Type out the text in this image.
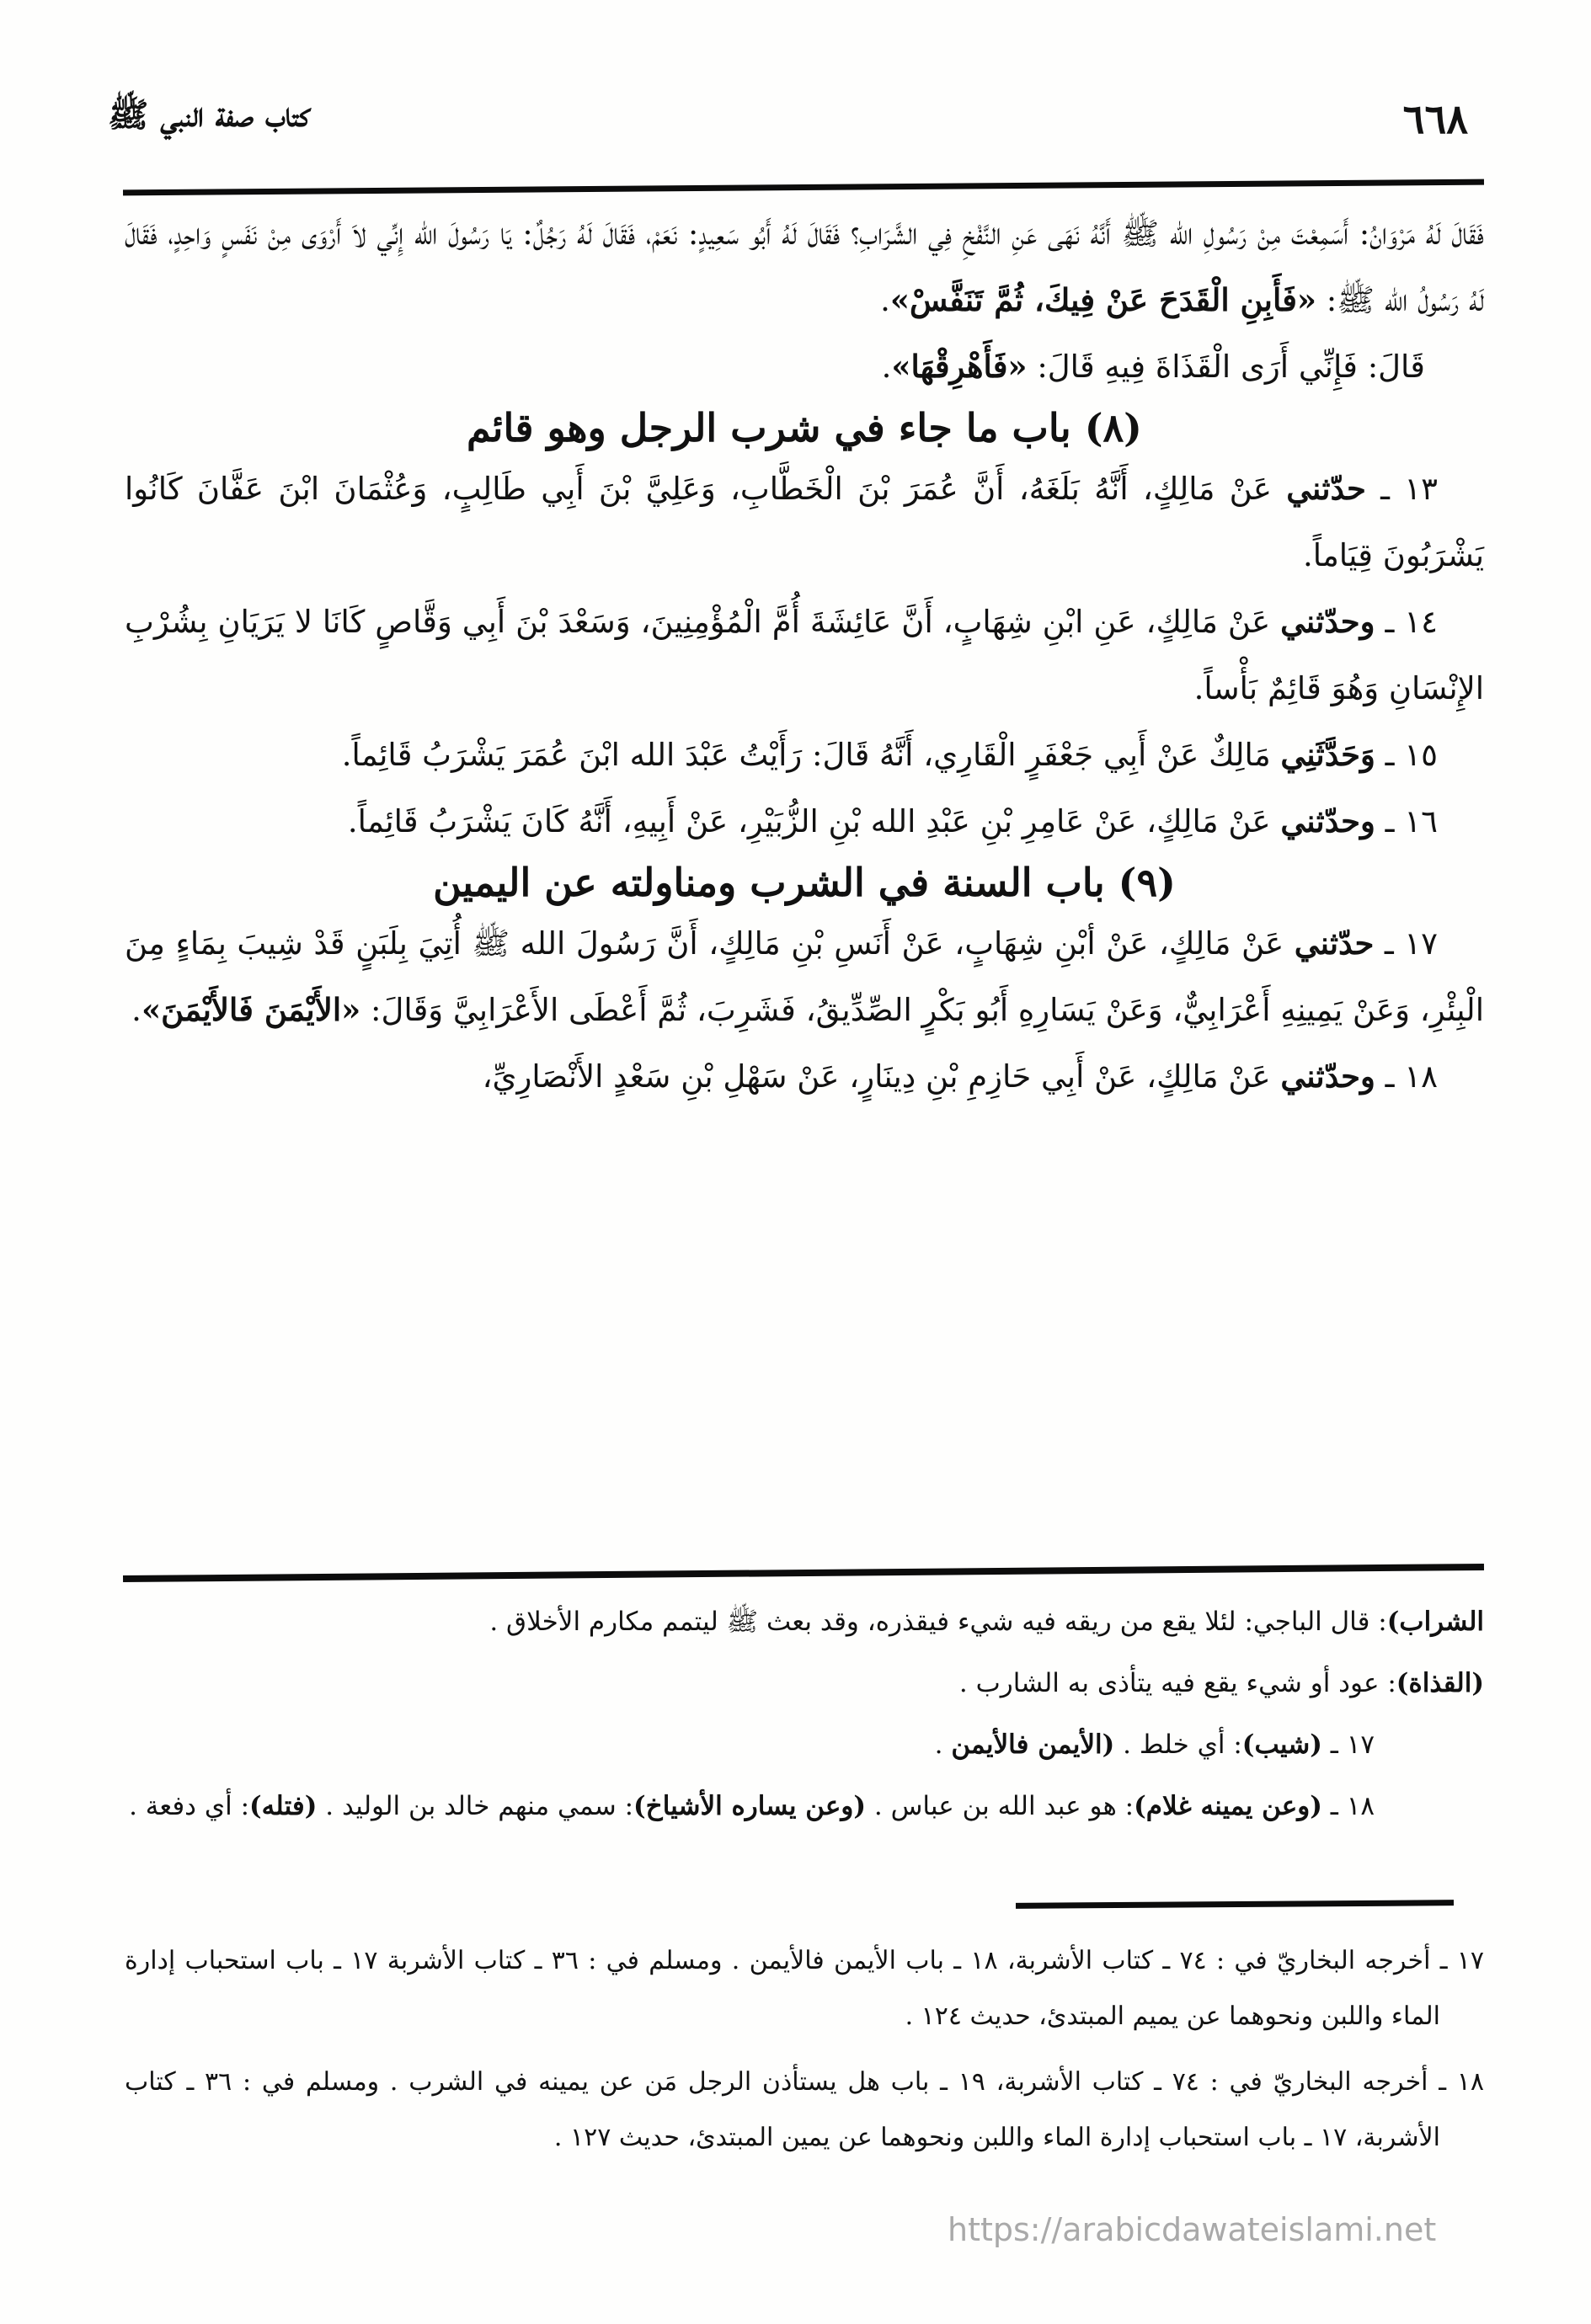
٦٦٨
كتاب صفة النبي ﷺ

فَقَالَ لَهُ مَرْوَانُ: أَسَمِعْتَ مِنْ رَسُولِ الله ﷺ أَنَّهُ نَهَى عَنِ النَّفْخِ فِي الشَّرَابِ؟ فَقَالَ لَهُ أَبُو سَعِيدٍ: نَعَمْ، فَقَالَ لَهُ رَجُلٌ: يَا رَسُولَ الله إِنِّي لاَ أَرْوَى مِنْ نَفَسٍ وَاحِدٍ، فَقَالَ لَهُ رَسُولُ الله ﷺ: «فَأَبِنِ الْقَدَحَ عَنْ فِيكَ، ثُمَّ تَنَفَّسْ».

قَالَ: فَإِنِّي أَرَى الْقَذَاةَ فِيهِ قَالَ: «فَأَهْرِقْهَا».

(٨) باب ما جاء في شرب الرجل وهو قائم

١٣ ـ حدّثني عَنْ مَالِكٍ، أَنَّهُ بَلَغَهُ، أَنَّ عُمَرَ بْنَ الْخَطَّابِ، وَعَلِيَّ بْنَ أَبِي طَالِبٍ، وَعُثْمَانَ ابْنَ عَفَّانَ كَانُوا يَشْرَبُونَ قِيَاماً.

١٤ ـ وحدّثني عَنْ مَالِكٍ، عَنِ ابْنِ شِهَابٍ، أَنَّ عَائِشَةَ أُمَّ الْمُؤْمِنِينَ، وَسَعْدَ بْنَ أَبِي وَقَّاصٍ كَانَا لا يَرَيَانِ بِشُرْبِ الإِنْسَانِ وَهُوَ قَائِمٌ بَأْساً.

١٥ ـ وَحَدَّثَنِي مَالِكٌ عَنْ أَبِي جَعْفَرٍ الْقَارِي، أَنَّهُ قَالَ: رَأَيْتُ عَبْدَ الله ابْنَ عُمَرَ يَشْرَبُ قَائِماً.

١٦ ـ وحدّثني عَنْ مَالِكٍ، عَنْ عَامِرِ بْنِ عَبْدِ الله بْنِ الزُّبَيْرِ، عَنْ أَبِيهِ، أَنَّهُ كَانَ يَشْرَبُ قَائِماً.

(٩) باب السنة في الشرب ومناولته عن اليمين

١٧ ـ حدّثني عَنْ مَالِكٍ، عَنْ أبْنِ شِهَابٍ، عَنْ أَنَسِ بْنِ مَالِكٍ، أَنَّ رَسُولَ الله ﷺ أُتِيَ بِلَبَنٍ قَدْ شِيبَ بِمَاءٍ مِنَ الْبِئْرِ، وَعَنْ يَمِينِهِ أَعْرَابِيٌّ، وَعَنْ يَسَارِهِ أَبُو بَكْرٍ الصِّدِّيقُ، فَشَرِبَ، ثُمَّ أَعْطَى الأَعْرَابِيَّ وَقَالَ: «الأَيْمَنَ فَالأَيْمَنَ».

١٨ ـ وحدّثني عَنْ مَالِكٍ، عَنْ أَبِي حَازِمِ بْنِ دِينَارٍ، عَنْ سَهْلِ بْنِ سَعْدٍ الأَنْصَارِيِّ،

الشراب): قال الباجي: لئلا يقع من ريقه فيه شيء فيقذره، وقد بعث ﷺ ليتمم مكارم الأخلاق .

(القذاة): عود أو شيء يقع فيه يتأذى به الشارب .

١٧ ـ (شيب): أي خلط . (الأيمن فالأيمن .

١٨ ـ (وعن يمينه غلام): هو عبد الله بن عباس . (وعن يساره الأشياخ): سمي منهم خالد بن الوليد . (فتله): أي دفعة .

١٧ ـ أخرجه البخاريّ في : ٧٤ ـ كتاب الأشربة، ١٨ ـ باب الأيمن فالأيمن . ومسلم في : ٣٦ ـ كتاب الأشربة ١٧ ـ باب استحباب إدارة الماء واللبن ونحوهما عن يميم المبتدئ، حديث ١٢٤ .

١٨ ـ أخرجه البخاريّ في : ٧٤ ـ كتاب الأشربة، ١٩ ـ باب هل يستأذن الرجل مَن عن يمينه في الشرب . ومسلم في : ٣٦ ـ كتاب الأشربة، ١٧ ـ باب استحباب إدارة الماء واللبن ونحوهما عن يمين المبتدئ، حديث ١٢٧ .

https://arabicdawateislami.net
